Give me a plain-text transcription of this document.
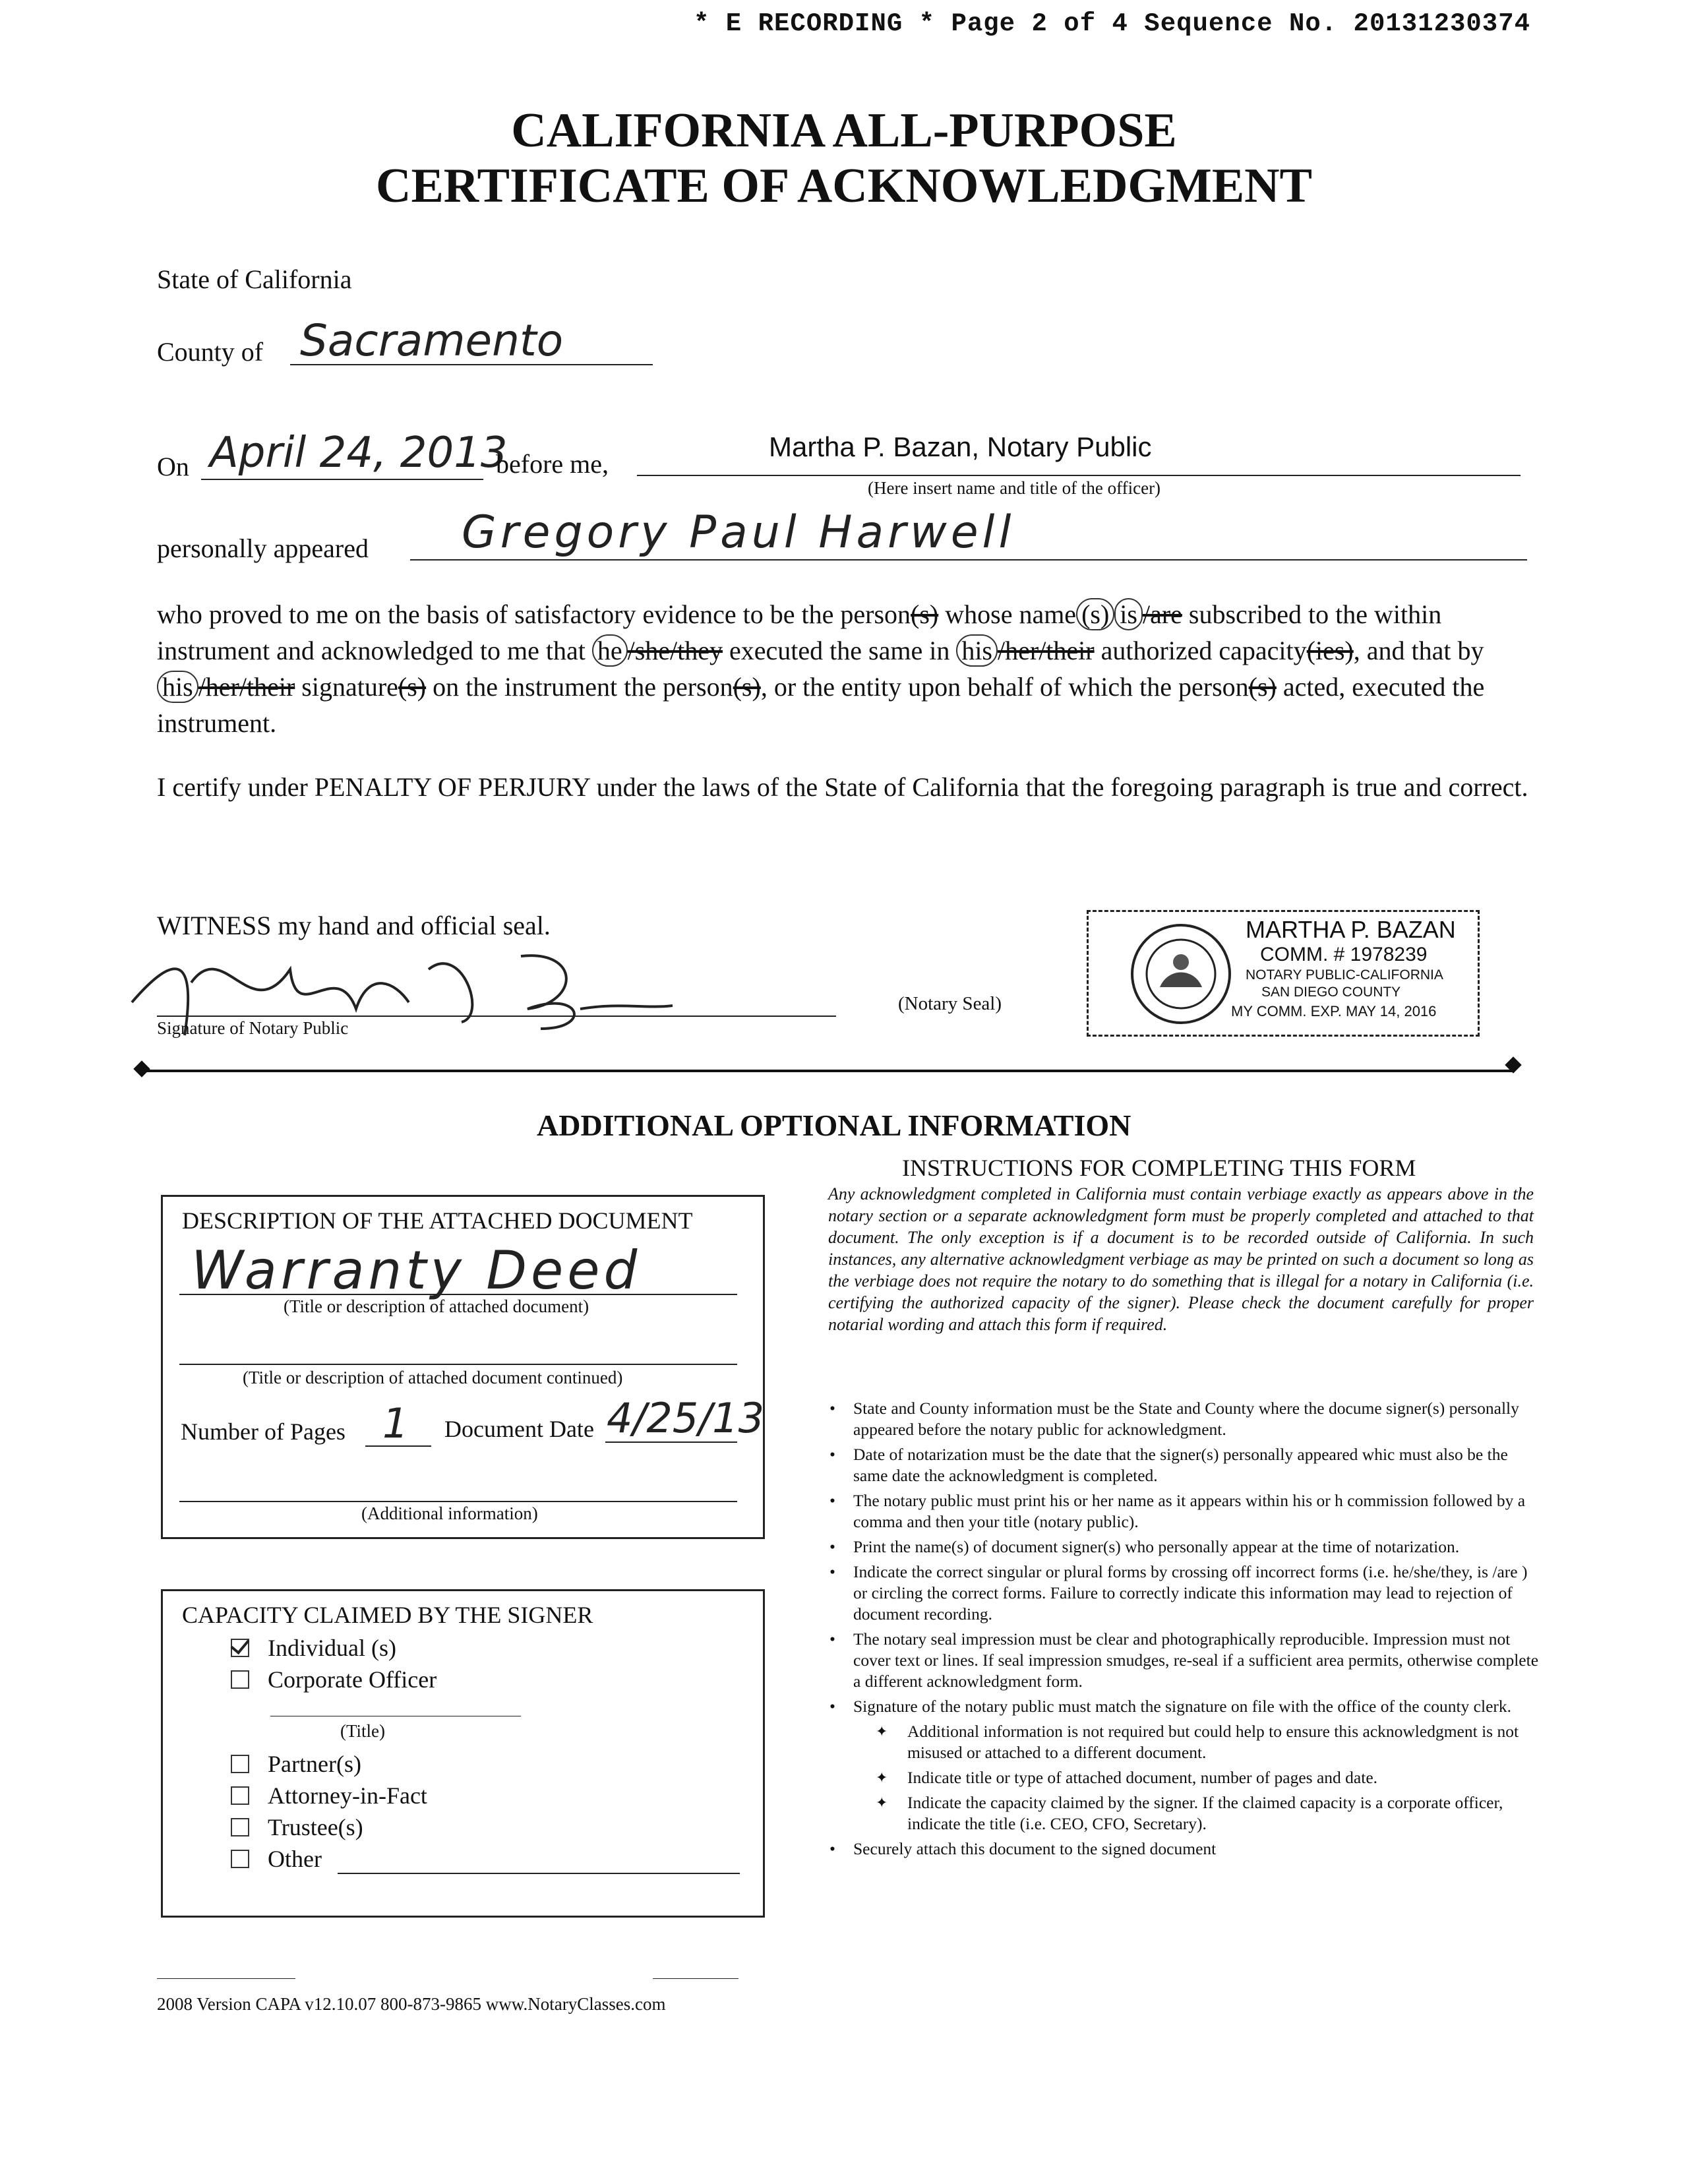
* E RECORDING * Page 2 of 4 Sequence No. 20131230374
CALIFORNIA ALL-PURPOSE
CERTIFICATE OF ACKNOWLEDGMENT
State of California
County of Sacramento
On April 24, 2013
before me,
Martha P. Bazan, Notary Public
(Here insert name and title of the officer)
personally appeared Gregory Paul Harwell
who proved to me on the basis of satisfactory evidence to be the person(s) whose name (s) is /are subscribed to the within instrument and acknowledged to me that he /she/they executed the same in his /her/their authorized capacity(ies), and that by his /her/their signature(s) on the instrument the person(s), or the entity upon behalf of which the person(s) acted, executed the instrument.
I certify under PENALTY OF PERJURY under the laws of the State of California that the foregoing paragraph is true and correct.
WITNESS my hand and official seal.
Signature of Notary Public
(Notary Seal)
MARTHA P. BAZAN
COMM. # 1978239
NOTARY PUBLIC-CALIFORNIA
SAN DIEGO COUNTY
MY COMM. EXP. MAY 14, 2016
ADDITIONAL OPTIONAL INFORMATION
DESCRIPTION OF THE ATTACHED DOCUMENT
Warranty Deed
(Title or description of attached document)
(Title or description of attached document continued)
Number of Pages 1 Document Date 4/25/13
(Additional information)
CAPACITY CLAIMED BY THE SIGNER
Individual (s)
Corporate Officer
(Title)
Partner(s)
Attorney-in-Fact
Trustee(s)
Other
INSTRUCTIONS FOR COMPLETING THIS FORM
Any acknowledgment completed in California must contain verbiage exactly as appears above in the notary section or a separate acknowledgment form must be properly completed and attached to that document. The only exception is if a document is to be recorded outside of California. In such instances, any alternative acknowledgment verbiage as may be printed on such a document so long as the verbiage does not require the notary to do something that is illegal for a notary in California (i.e. certifying the authorized capacity of the signer). Please check the document carefully for proper notarial wording and attach this form if required.
• State and County information must be the State and County where the docume signer(s) personally appeared before the notary public for acknowledgment.
• Date of notarization must be the date that the signer(s) personally appeared whic must also be the same date the acknowledgment is completed.
• The notary public must print his or her name as it appears within his or h commission followed by a comma and then your title (notary public).
• Print the name(s) of document signer(s) who personally appear at the time of notarization.
• Indicate the correct singular or plural forms by crossing off incorrect forms (i.e. he/she/they, is /are ) or circling the correct forms. Failure to correctly indicate this information may lead to rejection of document recording.
• The notary seal impression must be clear and photographically reproducible. Impression must not cover text or lines. If seal impression smudges, re-seal if a sufficient area permits, otherwise complete a different acknowledgment form.
• Signature of the notary public must match the signature on file with the office of the county clerk.
✦ Additional information is not required but could help to ensure this acknowledgment is not misused or attached to a different document.
✦ Indicate title or type of attached document, number of pages and date.
✦ Indicate the capacity claimed by the signer. If the claimed capacity is a corporate officer, indicate the title (i.e. CEO, CFO, Secretary).
• Securely attach this document to the signed document
2008 Version CAPA v12.10.07 800-873-9865 www.NotaryClasses.com
